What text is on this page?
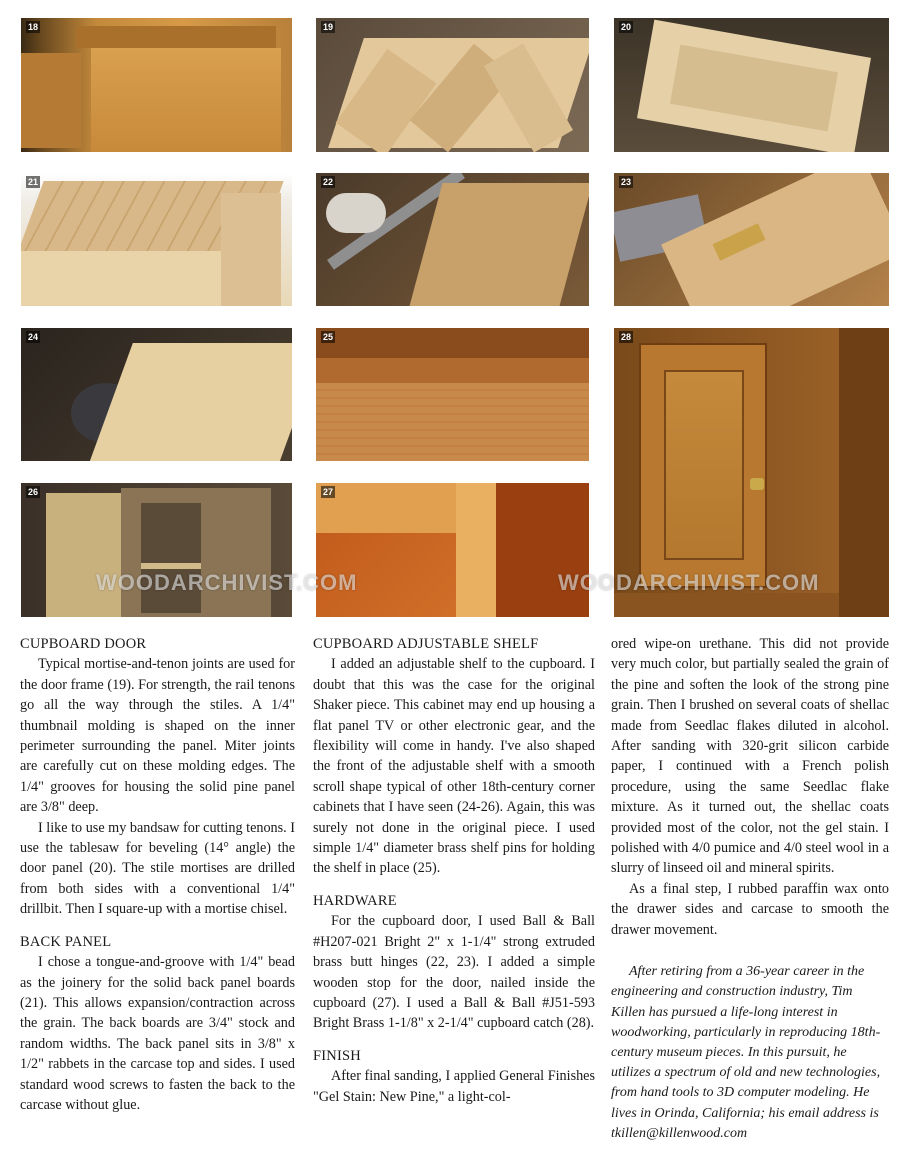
18	19	20
21	22	23
24	25	28
26	27
WOODARCHIVIST.COM	WOODARCHIVIST.COM
CUPBOARD DOOR

Typical mortise-and-tenon joints are used for the door frame (19). For strength, the rail tenons go all the way through the stiles. A 1/4" thumbnail molding is shaped on the inner perimeter surrounding the panel. Miter joints are carefully cut on these molding edges. The 1/4" grooves for housing the solid pine panel are 3/8" deep.

I like to use my bandsaw for cutting tenons. I use the tablesaw for beveling (14° angle) the door panel (20). The stile mortises are drilled from both sides with a conventional 1/4" drillbit. Then I square-up with a mortise chisel.

BACK PANEL

I chose a tongue-and-groove with 1/4" bead as the joinery for the solid back panel boards (21). This allows expansion/contraction across the grain. The back boards are 3/4" stock and random widths. The back panel sits in 3/8" x 1/2" rabbets in the carcase top and sides. I used standard wood screws to fasten the back to the carcase without glue.

CUPBOARD ADJUSTABLE SHELF

I added an adjustable shelf to the cupboard. I doubt that this was the case for the original Shaker piece. This cabinet may end up housing a flat panel TV or other electronic gear, and the flexibility will come in handy. I've also shaped the front of the adjustable shelf with a smooth scroll shape typical of other 18th-century corner cabinets that I have seen (24-26). Again, this was surely not done in the original piece. I used simple 1/4" diameter brass shelf pins for holding the shelf in place (25).

HARDWARE

For the cupboard door, I used Ball & Ball #H207-021 Bright 2" x 1-1/4" strong extruded brass butt hinges (22, 23). I added a simple wooden stop for the door, nailed inside the cupboard (27). I used a Ball & Ball #J51-593 Bright Brass 1-1/8" x 2-1/4" cupboard catch (28).

FINISH

After final sanding, I applied General Finishes "Gel Stain: New Pine," a light-col-

ored wipe-on urethane. This did not provide very much color, but partially sealed the grain of the pine and soften the look of the strong pine grain. Then I brushed on several coats of shellac made from Seedlac flakes diluted in alcohol. After sanding with 320-grit silicon carbide paper, I continued with a French polish procedure, using the same Seedlac flake mixture. As it turned out, the shellac coats provided most of the color, not the gel stain. I polished with 4/0 pumice and 4/0 steel wool in a slurry of linseed oil and mineral spirits.

As a final step, I rubbed paraffin wax onto the drawer sides and carcase to smooth the drawer movement.

After retiring from a 36-year career in the engineering and construction industry, Tim Killen has pursued a life-long interest in woodworking, particularly in reproducing 18th-century museum pieces. In this pursuit, he utilizes a spectrum of old and new technologies, from hand tools to 3D computer modeling. He lives in Orinda, California; his email address is tkillen@killenwood.com
